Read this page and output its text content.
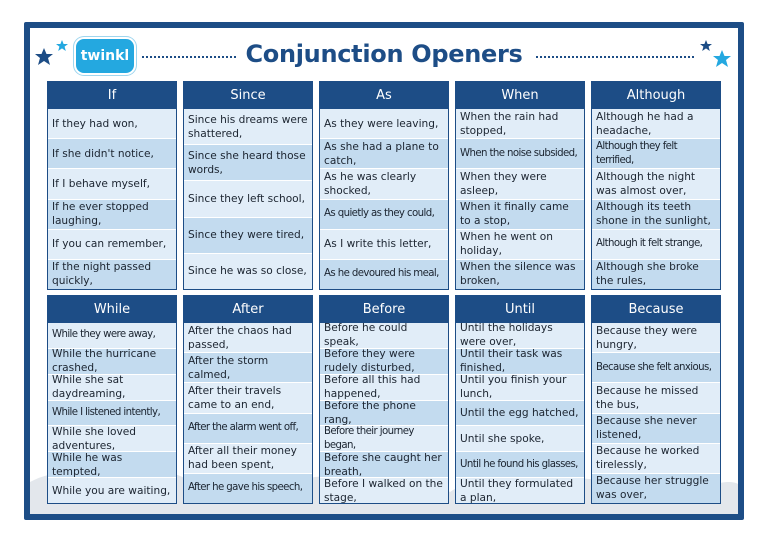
twinkl	Conjunction Openers
If
If they had won,
If she didn't notice,
If I behave myself,
If he ever stopped laughing,
If you can remember,
If the night passed quickly,
Since
Since his dreams were shattered,
Since she heard those words,
Since they left school,
Since they were tired,
Since he was so close,
As
As they were leaving,
As she had a plane to catch,
As he was clearly shocked,
As quietly as they could,
As I write this letter,
As he devoured his meal,
When
When the rain had stopped,
When the noise subsided,
When they were asleep,
When it finally came to a stop,
When he went on holiday,
When the silence was broken,
Although
Although he had a headache,
Although they felt terrified,
Although the night was almost over,
Although its teeth shone in the sunlight,
Although it felt strange,
Although she broke the rules,
While
While they were away,
While the hurricane crashed,
While she sat daydreaming,
While I listened intently,
While she loved adventures,
While he was tempted,
While you are waiting,
After
After the chaos had passed,
After the storm calmed,
After their travels came to an end,
After the alarm went off,
After all their money had been spent,
After he gave his speech,
Before
Before he could speak,
Before they were rudely disturbed,
Before all this had happened,
Before the phone rang,
Before their journey began,
Before she caught her breath,
Before I walked on the stage,
Until
Until the holidays were over,
Until their task was finished,
Until you finish your lunch,
Until the egg hatched,
Until she spoke,
Until he found his glasses,
Until they formulated a plan,
Because
Because they were hungry,
Because she felt anxious,
Because he missed the bus,
Because she never listened,
Because he worked tirelessly,
Because her struggle was over,
